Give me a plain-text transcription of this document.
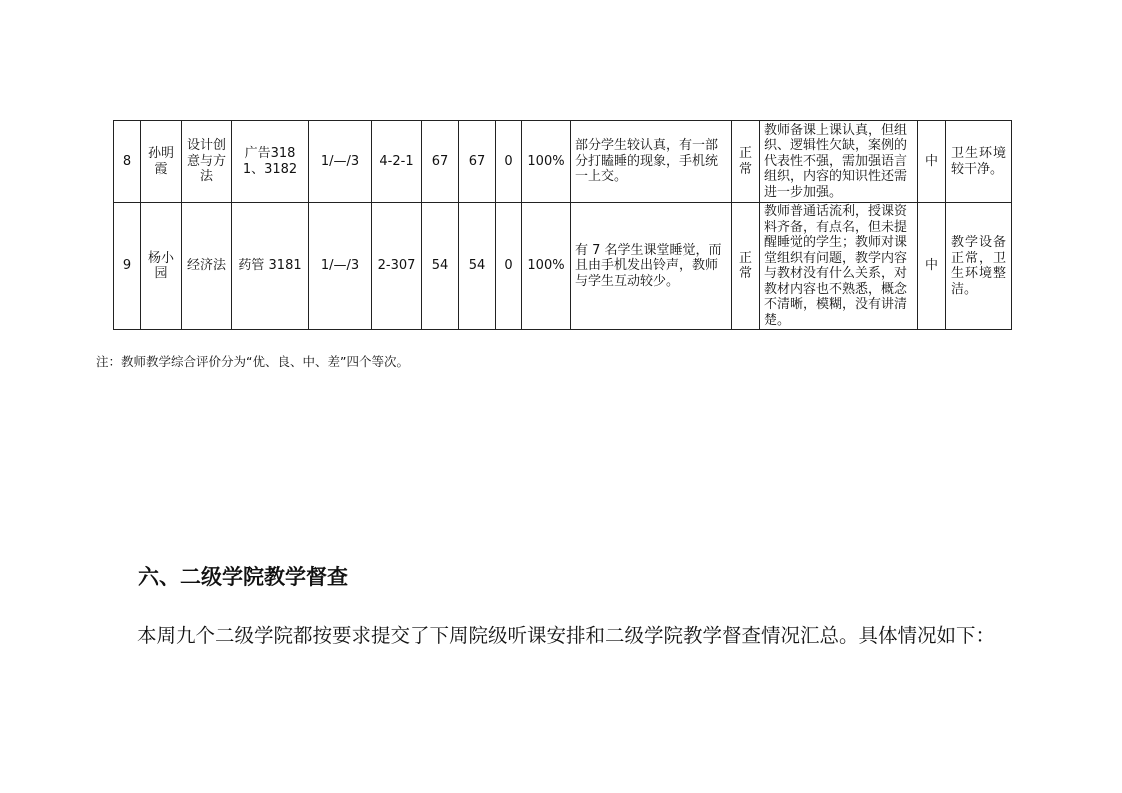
8	孙明霞	设计创意与方法	广告3181、3182	1/—/3	4-2-1	67	67	0	100%	部分学生较认真，有一部分打瞌睡的现象，手机统一上交。	正常	教师备课上课认真，但组织、逻辑性欠缺，案例的代表性不强，需加强语言组织，内容的知识性还需进一步加强。	中	卫生环境较干净。
9	杨小园	经济法	药管 3181	1/—/3	2-307	54	54	0	100%	有 7 名学生课堂睡觉，而且由手机发出铃声，教师与学生互动较少。	正常	教师普通话流利，授课资料齐备，有点名，但未提醒睡觉的学生；教师对课堂组织有问题，教学内容与教材没有什么关系，对教材内容也不熟悉，概念不清晰，模糊，没有讲清楚。	中	教学设备正常，卫生环境整洁。
注：教师教学综合评价分为“优、良、中、差”四个等次。
六、二级学院教学督查
本周九个二级学院都按要求提交了下周院级听课安排和二级学院教学督查情况汇总。具体情况如下：
